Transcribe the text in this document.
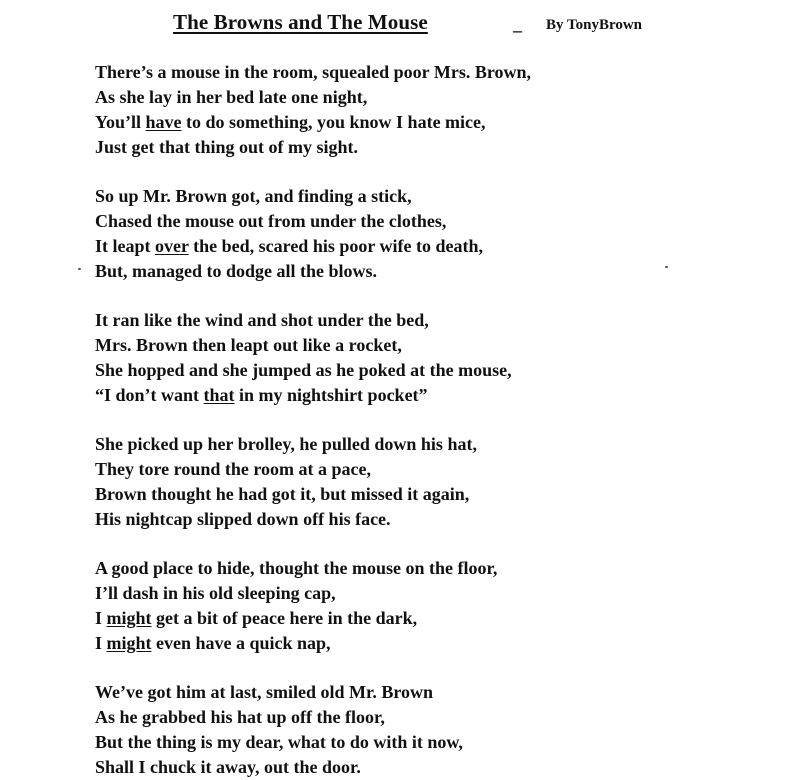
The Browns and The Mouse	_ By TonyBrown
There’s a mouse in the room, squealed poor Mrs. Brown,
As she lay in her bed late one night,
You’ll have to do something, you know I hate mice,
Just get that thing out of my sight.
So up Mr. Brown got, and finding a stick,
Chased the mouse out from under the clothes,
It leapt over the bed, scared his poor wife to death,
But, managed to dodge all the blows.
It ran like the wind and shot under the bed,
Mrs. Brown then leapt out like a rocket,
She hopped and she jumped as he poked at the mouse,
“I don’t want that in my nightshirt pocket”
She picked up her brolley, he pulled down his hat,
They tore round the room at a pace,
Brown thought he had got it, but missed it again,
His nightcap slipped down off his face.
A good place to hide, thought the mouse on the floor,
I’ll dash in his old sleeping cap,
I might get a bit of peace here in the dark,
I might even have a quick nap,
We’ve got him at last, smiled old Mr. Brown
As he grabbed his hat up off the floor,
But the thing is my dear, what to do with it now,
Shall I chuck it away, out the door.
